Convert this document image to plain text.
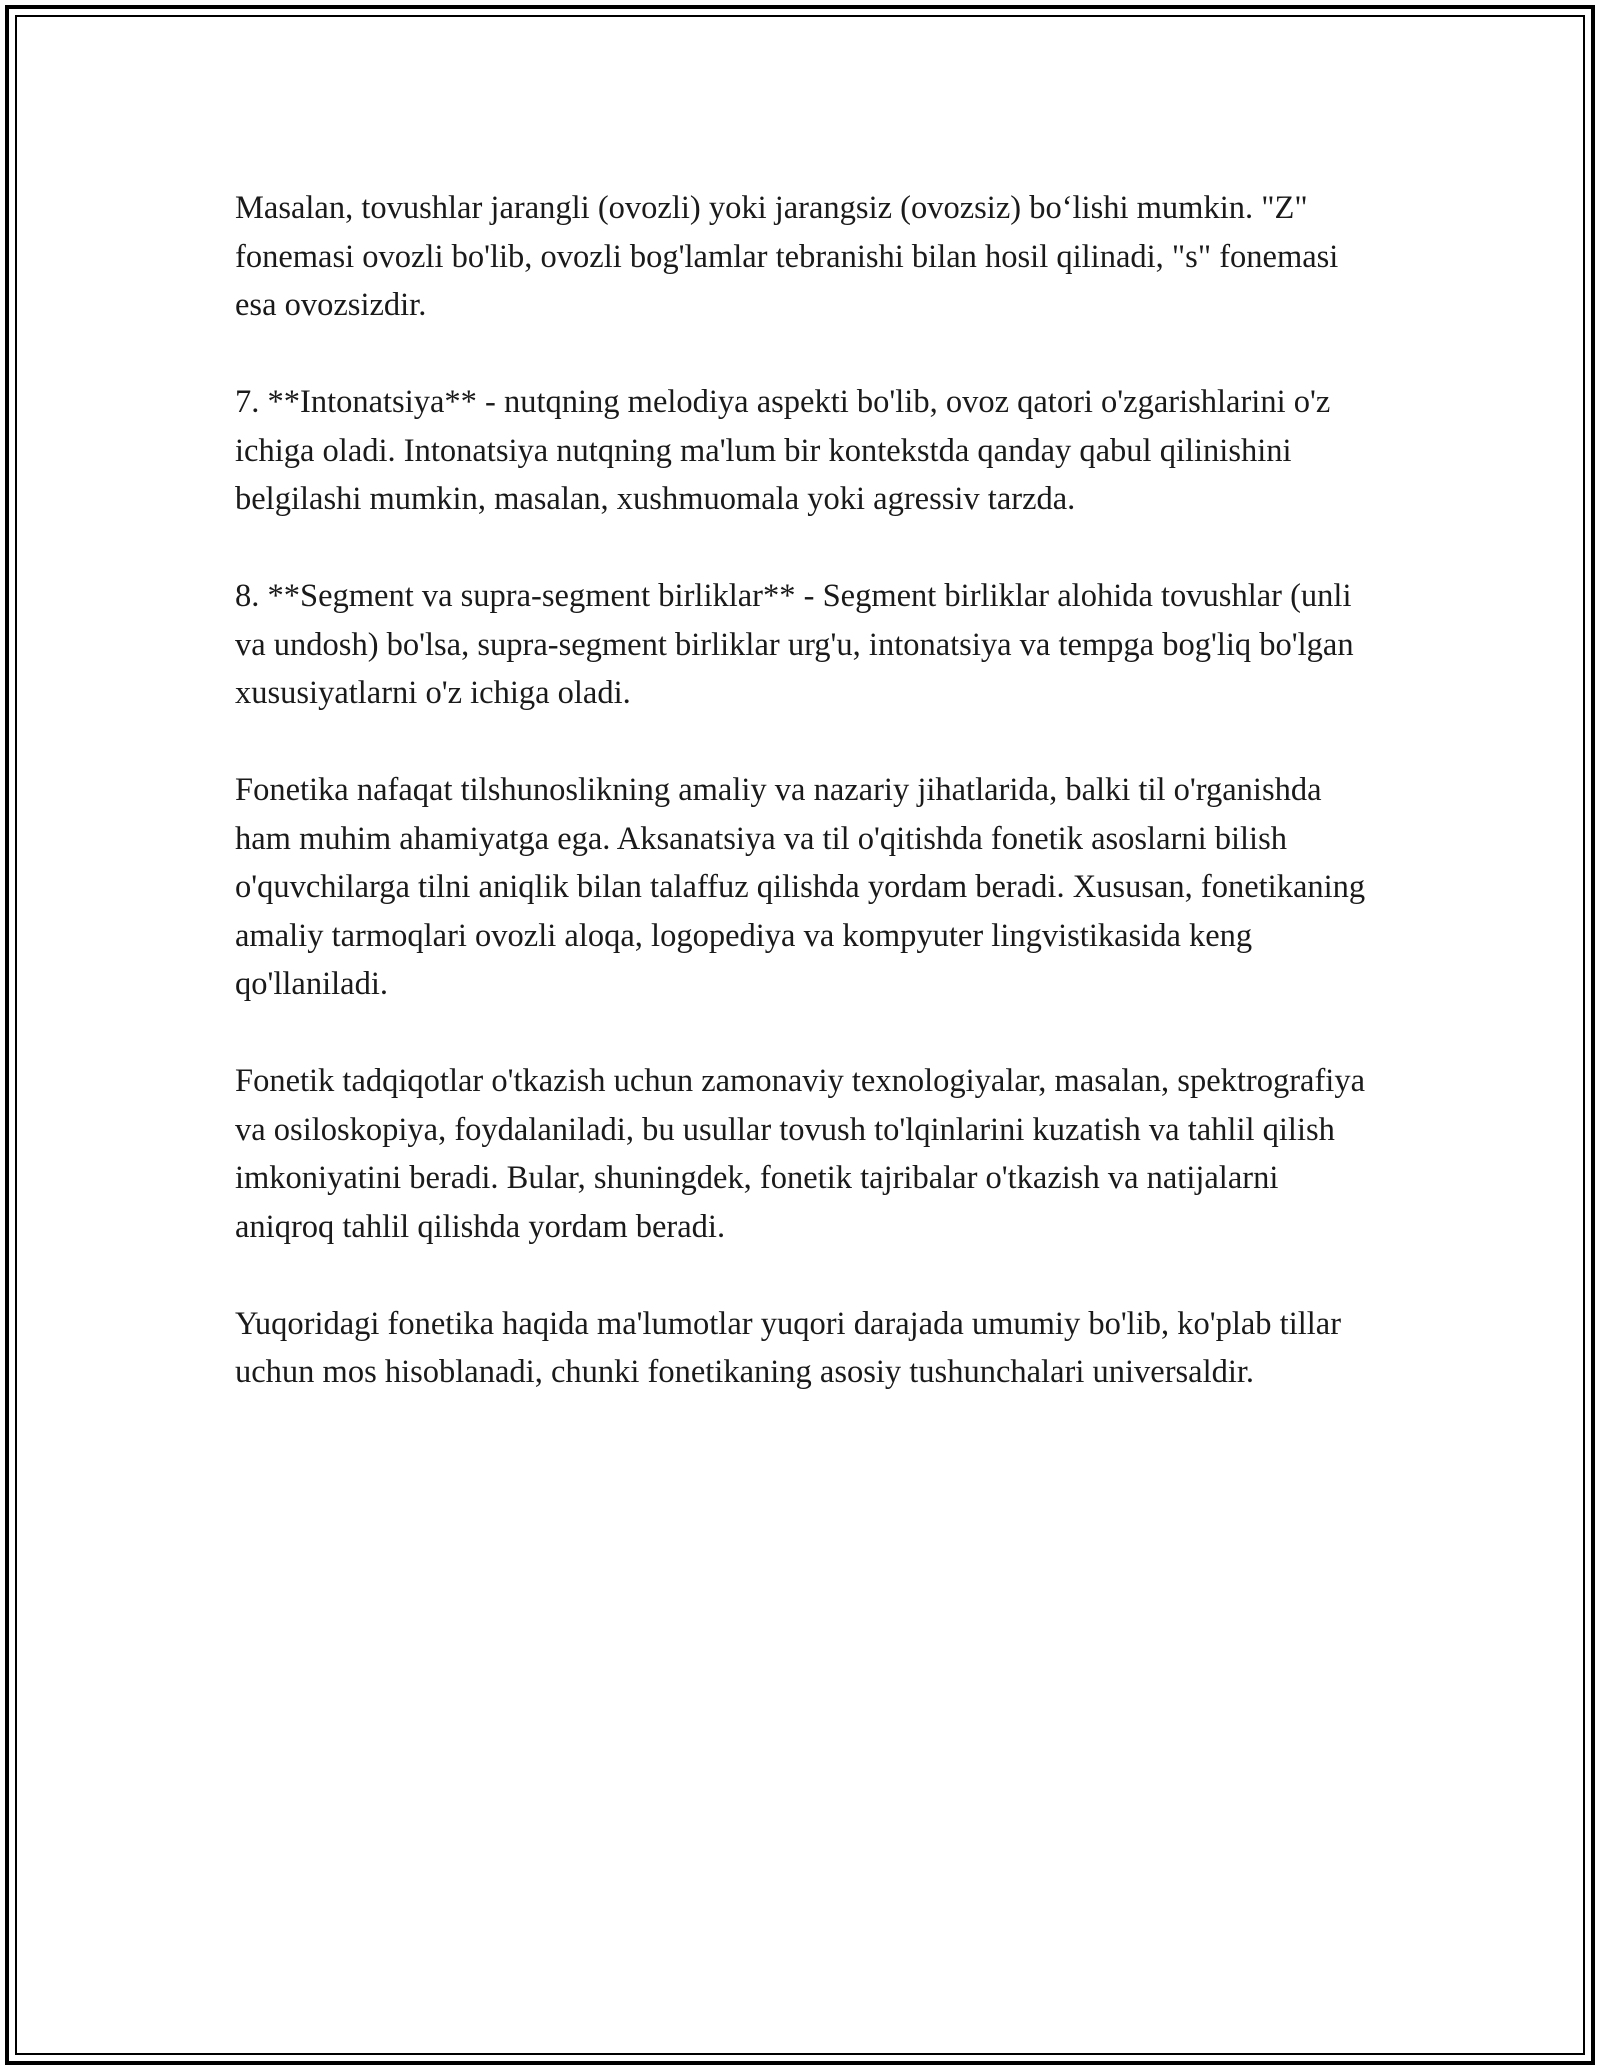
Masalan, tovushlar jarangli (ovozli) yoki jarangsiz (ovozsiz) bo‘lishi mumkin. "Z" fonemasi ovozli bo'lib, ovozli bog'lamlar tebranishi bilan hosil qilinadi, "s" fonemasi esa ovozsizdir.

7. **Intonatsiya** - nutqning melodiya aspekti bo'lib, ovoz qatori o'zgarishlarini o'z ichiga oladi. Intonatsiya nutqning ma'lum bir kontekstda qanday qabul qilinishini belgilashi mumkin, masalan, xushmuomala yoki agressiv tarzda.

8. **Segment va supra-segment birliklar** - Segment birliklar alohida tovushlar (unli va undosh) bo'lsa, supra-segment birliklar urg'u, intonatsiya va tempga bog'liq bo'lgan xususiyatlarni o'z ichiga oladi.

Fonetika nafaqat tilshunoslikning amaliy va nazariy jihatlarida, balki til o'rganishda ham muhim ahamiyatga ega. Aksanatsiya va til o'qitishda fonetik asoslarni bilish o'quvchilarga tilni aniqlik bilan talaffuz qilishda yordam beradi. Xususan, fonetikaning amaliy tarmoqlari ovozli aloqa, logopediya va kompyuter lingvistikasida keng qo'llaniladi.

Fonetik tadqiqotlar o'tkazish uchun zamonaviy texnologiyalar, masalan, spektrografiya va osiloskopiya, foydalaniladi, bu usullar tovush to'lqinlarini kuzatish va tahlil qilish imkoniyatini beradi. Bular, shuningdek, fonetik tajribalar o'tkazish va natijalarni aniqroq tahlil qilishda yordam beradi.

Yuqoridagi fonetika haqida ma'lumotlar yuqori darajada umumiy bo'lib, ko'plab tillar uchun mos hisoblanadi, chunki fonetikaning asosiy tushunchalari universaldir.
